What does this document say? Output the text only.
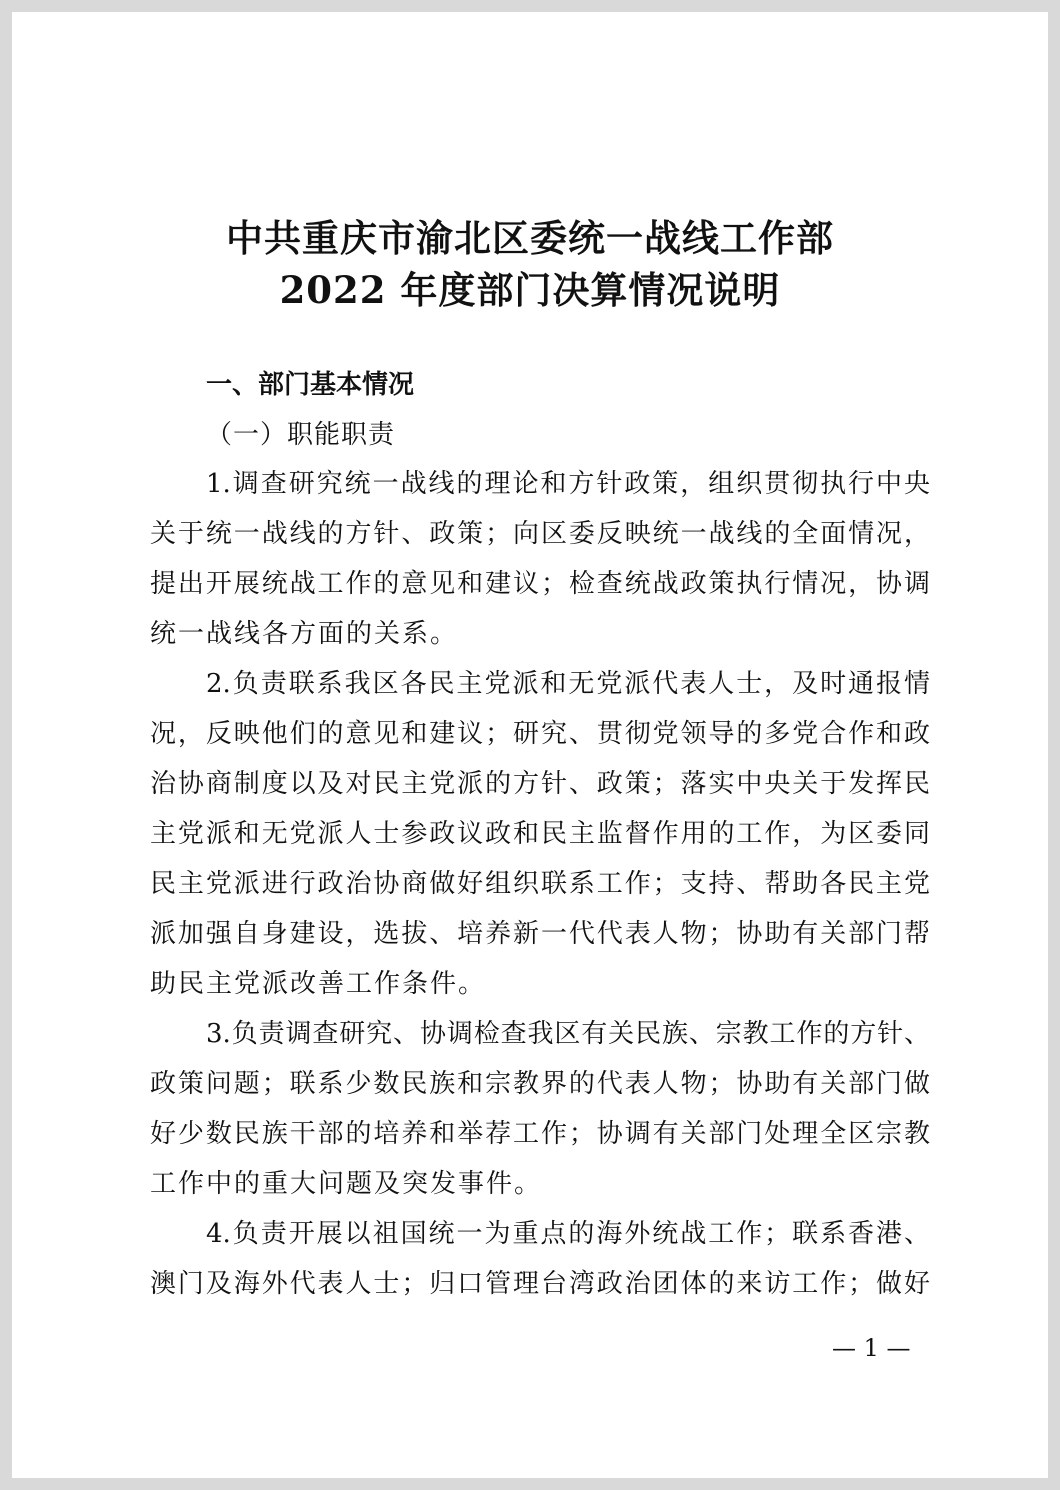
中共重庆市渝北区委统一战线工作部
2022 年度部门决算情况说明
一、部门基本情况
（一）职能职责
1.调查研究统一战线的理论和方针政策，组织贯彻执行中央
关于统一战线的方针、政策；向区委反映统一战线的全面情况，
提出开展统战工作的意见和建议；检查统战政策执行情况，协调
统一战线各方面的关系。
2.负责联系我区各民主党派和无党派代表人士，及时通报情
况，反映他们的意见和建议；研究、贯彻党领导的多党合作和政
治协商制度以及对民主党派的方针、政策；落实中央关于发挥民
主党派和无党派人士参政议政和民主监督作用的工作，为区委同
民主党派进行政治协商做好组织联系工作；支持、帮助各民主党
派加强自身建设，选拔、培养新一代代表人物；协助有关部门帮
助民主党派改善工作条件。
3.负责调查研究、协调检查我区有关民族、宗教工作的方针、
政策问题；联系少数民族和宗教界的代表人物；协助有关部门做
好少数民族干部的培养和举荐工作；协调有关部门处理全区宗教
工作中的重大问题及突发事件。
4.负责开展以祖国统一为重点的海外统战工作；联系香港、
澳门及海外代表人士；归口管理台湾政治团体的来访工作；做好
— 1 —
